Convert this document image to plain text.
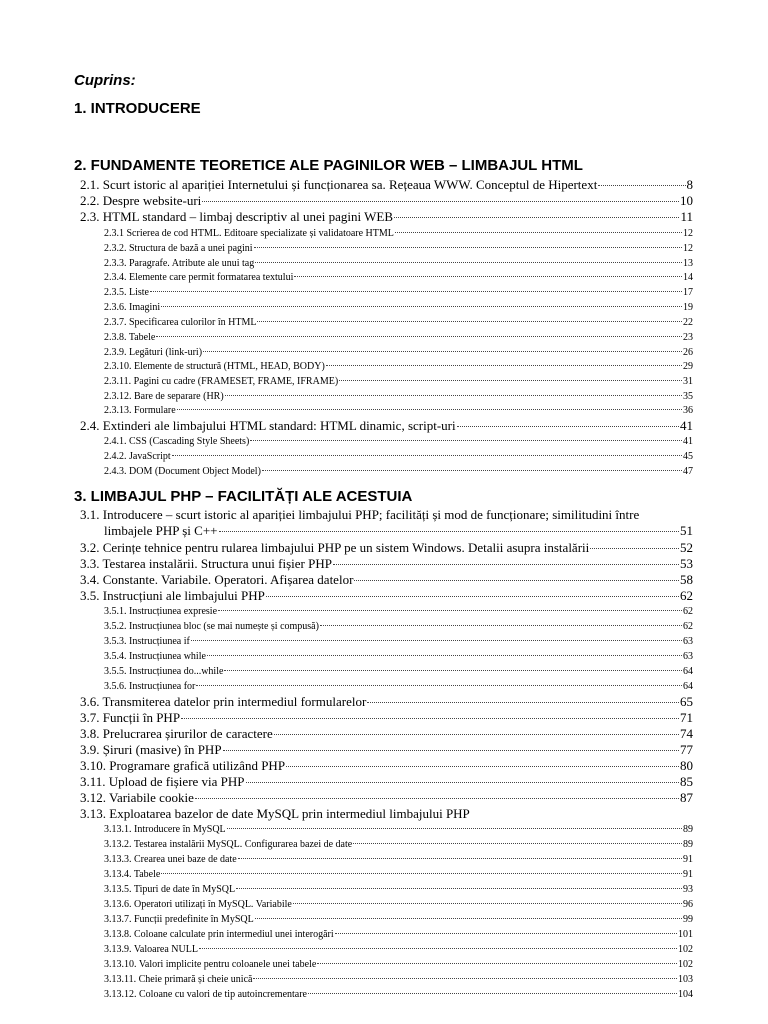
Cuprins:
1. INTRODUCERE
2. FUNDAMENTE TEORETICE ALE PAGINILOR WEB – LIMBAJUL HTML
2.1. Scurt istoric al apariției Internetului și funcționarea sa. Rețeaua WWW. Conceptul de Hipertext	8
2.2. Despre website-uri	10
2.3. HTML standard – limbaj descriptiv al unei pagini WEB	11
2.3.1 Scrierea de cod HTML. Editoare specializate și validatoare HTML	12
2.3.2. Structura de bază a unei pagini	12
2.3.3. Paragrafe. Atribute ale unui tag	13
2.3.4. Elemente care permit formatarea textului	14
2.3.5. Liste	17
2.3.6. Imagini	19
2.3.7. Specificarea culorilor în HTML	22
2.3.8. Tabele	23
2.3.9. Legături (link-uri)	26
2.3.10. Elemente de structură (HTML, HEAD, BODY)	29
2.3.11. Pagini cu cadre (FRAMESET, FRAME, IFRAME)	31
2.3.12. Bare de separare (HR)	35
2.3.13. Formulare	36
2.4. Extinderi ale limbajului HTML standard: HTML dinamic, script-uri	41
2.4.1. CSS (Cascading Style Sheets)	41
2.4.2. JavaScript	45
2.4.3. DOM (Document Object Model)	47
3. LIMBAJUL PHP – FACILITĂȚI ALE ACESTUIA
3.1. Introducere – scurt istoric al apariției limbajului PHP; facilități și mod de funcționare; similitudini între
limbajele PHP și C++	51
3.2. Cerințe tehnice pentru rularea limbajului PHP pe un sistem Windows. Detalii asupra instalării	52
3.3. Testarea instalării. Structura unui fișier PHP	53
3.4. Constante. Variabile. Operatori. Afișarea datelor	58
3.5. Instrucțiuni ale limbajului PHP	62
3.5.1. Instrucțiunea expresie	62
3.5.2. Instrucțiunea bloc (se mai numește și compusă)	62
3.5.3. Instrucțiunea if	63
3.5.4. Instrucțiunea while	63
3.5.5. Instrucțiunea do...while	64
3.5.6. Instrucțiunea for	64
3.6. Transmiterea datelor prin intermediul formularelor	65
3.7. Funcții în PHP	71
3.8. Prelucrarea șirurilor de caractere	74
3.9. Șiruri (masive) în PHP	77
3.10. Programare grafică utilizând PHP	80
3.11. Upload de fișiere via PHP	85
3.12. Variabile cookie	87
3.13. Exploatarea bazelor de date MySQL prin intermediul limbajului PHP
3.13.1. Introducere în MySQL	89
3.13.2. Testarea instalării MySQL. Configurarea bazei de date	89
3.13.3. Crearea unei baze de date	91
3.13.4. Tabele	91
3.13.5. Tipuri de date în MySQL	93
3.13.6. Operatori utilizați în MySQL. Variabile	96
3.13.7. Funcții predefinite în MySQL	99
3.13.8. Coloane calculate prin intermediul unei interogări	101
3.13.9. Valoarea NULL	102
3.13.10. Valori implicite pentru coloanele unei tabele	102
3.13.11. Cheie primară și cheie unică	103
3.13.12. Coloane cu valori de tip autoincrementare	104
